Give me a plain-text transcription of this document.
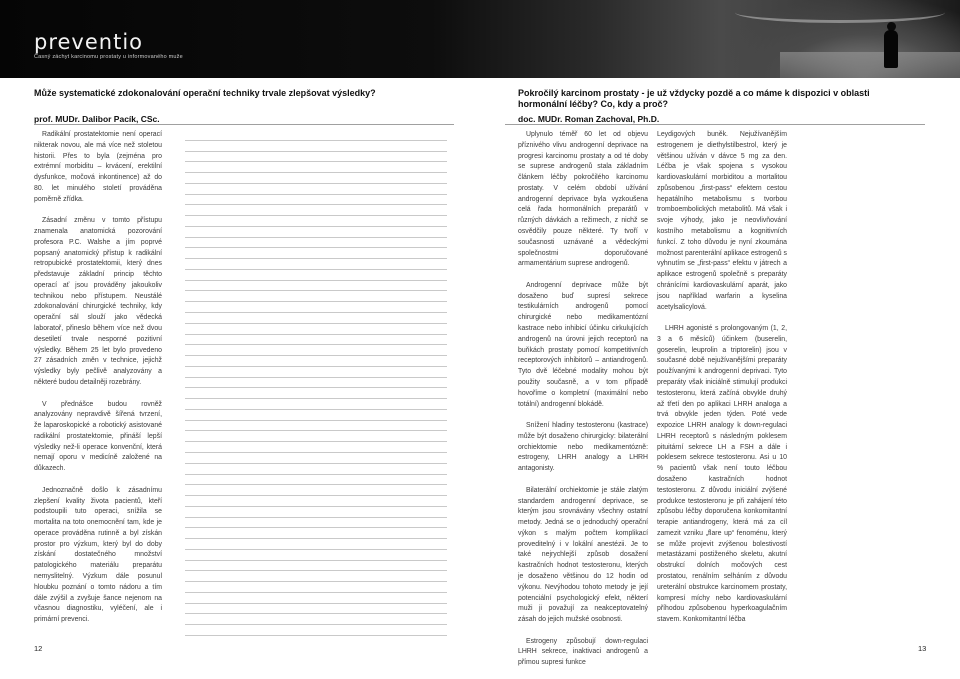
preventio
Časný záchyt karcinomu prostaty u informovaného muže
Může systematické zdokonalování operační techniky trvale zlepšovat výsledky?
prof. MUDr. Dalibor Pacík, CSc.

Radikální prostatektomie není operací nikterak novou, ale má více než stoletou historii. Přes to byla (zejména pro extrémní morbiditu – krvácení, erektilní dysfunkce, močová inkontinence) až do 80. let minulého století prováděna poměrně zřídka.

Zásadní změnu v tomto přístupu znamenala anatomická pozorování profesora P.C. Walshe a jím poprvé popsaný anatomický přístup k radikální retropubické prostatektomii, který dnes představuje základní princip těchto operací ať jsou prováděny jakoukoliv technikou nebo přístupem. Neustálé zdokonalování chirurgické techniky, kdy operační sál slouží jako vědecká laboratoř, přineslo během více než dvou desetiletí trvale nesporné pozitivní výsledky. Během 25 let bylo provedeno 27 zásadních změn v technice, jejichž výsledky byly pečlivě analyzovány a některé budou detailněji rozebrány.

V přednášce budou rovněž analyzovány nepravdivě šířená tvrzení, že laparoskopické a robotický asistované radikální prostatektomie, přináší lepší výsledky než-li operace konvenční, která nemají oporu v medicíně založené na důkazech.

Jednoznačně došlo k zásadnímu zlepšení kvality života pacientů, kteří podstoupili tuto operaci, snížila se mortalita na toto onemocnění tam, kde je operace prováděna rutinně a byl získán prostor pro výzkum, který byl do doby získání dostatečného množství patologického materiálu preparátu nemyslitelný. Výzkum dále posunul hloubku poznání o tomto nádoru a tím dále zvýšil a zvyšuje šance nejenom na včasnou diagnostiku, vyléčení, ale i primární prevenci.

Pokročilý karcinom prostaty - je už vždycky pozdě a co máme k dispozici v oblasti hormonální léčby? Co, kdy a proč?
doc. MUDr. Roman Zachoval, Ph.D.

Uplynulo téměř 60 let od objevu příznivého vlivu androgenní deprivace na progresi karcinomu prostaty a od té doby se suprese androgenů stala základním článkem léčby pokročilého karcinomu prostaty. V celém období užívání androgenní deprivace byla vyzkoušena celá řada hormonálních preparátů v různých dávkách a režimech, z nichž se osvědčily pouze některé. Ty tvoří v současnosti uznávané a vědeckými společnostmi doporučované armamentárium suprese androgenů.

Androgenní deprivace může být dosaženo buď supresí sekrece testikulárních androgenů pomocí chirurgické nebo medikamentózní kastrace nebo inhibicí účinku cirkulujících androgenů na úrovni jejich receptorů na buňkách prostaty pomocí kompetitivních receptorových inhibitorů – antiandrogenů. Tyto dvě léčebné modality mohou být použity současně, a v tom případě hovoříme o kompletní (maximální nebo totální) androgenní blokádě.

Snížení hladiny testosteronu (kastrace) může být dosaženo chirurgicky: bilaterální orchiektomie nebo medikamentózně: estrogeny, LHRH analogy a LHRH antagonisty.

Bilaterální orchiektomie je stále zlatým standardem androgenní deprivace, se kterým jsou srovnávány všechny ostatní metody. Jedná se o jednoduchý operační výkon s malým počtem komplikací proveditelný i v lokální anestézii. Je to také nejrychlejší způsob dosažení kastračních hodnot testosteronu, kterých je dosaženo většinou do 12 hodin od výkonu. Nevýhodou tohoto metody je její potenciální psychologický efekt, některí muži ji považují za neakceptovatelný zásah do jejich mužské osobnosti.

Estrogeny způsobují down-regulaci LHRH sekrece, inaktivaci androgenů a přímou supresi funkce

Leydigových buněk. Nejužívanějším estrogenem je diethylstilbestrol, který je většinou užíván v dávce 5 mg za den. Léčba je však spojena s vysokou kardiovaskulární morbiditou a mortalitou způsobenou „first-pass“ efektem cestou hepatálního metabolismu s tvorbou tromboembolických metabolitů. Má však i svoje výhody, jako je neovlivňování kostního metabolismu a kognitivních funkcí. Z toho důvodu je nyní zkoumána možnost parenterální aplikace estrogenů s vyhnutím se „first-pass“ efektu v játrech a aplikace estrogenů společně s preparáty chránícími kardiovaskulární aparát, jako jsou například warfarin a kyselina acetylsalicylová.

LHRH agonisté s prolongovaným (1, 2, 3 a 6 měsíců) účinkem (buserelin, goserelin, leuprolin a triptorelin) jsou v současné době nejužívanějšími preparáty používanými k androgenní deprivaci. Tyto preparáty však iniciálně stimulují produkci testosteronu, která začíná obvykle druhý až třetí den po aplikaci LHRH analoga a trvá obvykle jeden týden. Poté vede expozice LHRH analogy k down-regulaci LHRH receptorů s následným poklesem pituitární sekrece LH a FSH a dále i poklesem sekrece testosteronu. Asi u 10 % pacientů však není touto léčbou dosaženo kastračních hodnot testosteronu. Z důvodu iniciální zvýšené produkce testosteronu je při zahájení této způsobu léčby doporučena konkomitantní terapie antiandrogeny, která má za cíl zamezit vzniku „flare up“ fenoménu, který se může projevit zvýšenou bolestivostí metastázami postiženého skeletu, akutní obstrukcí dolních močových cest prostatou, renálním selháním z důvodu ureterální obstrukce karcinomem prostaty, kompresí míchy nebo kardiovaskulární příhodou způsobenou hyperkoagulačním stavem. Konkomitantní léčba

12	13
